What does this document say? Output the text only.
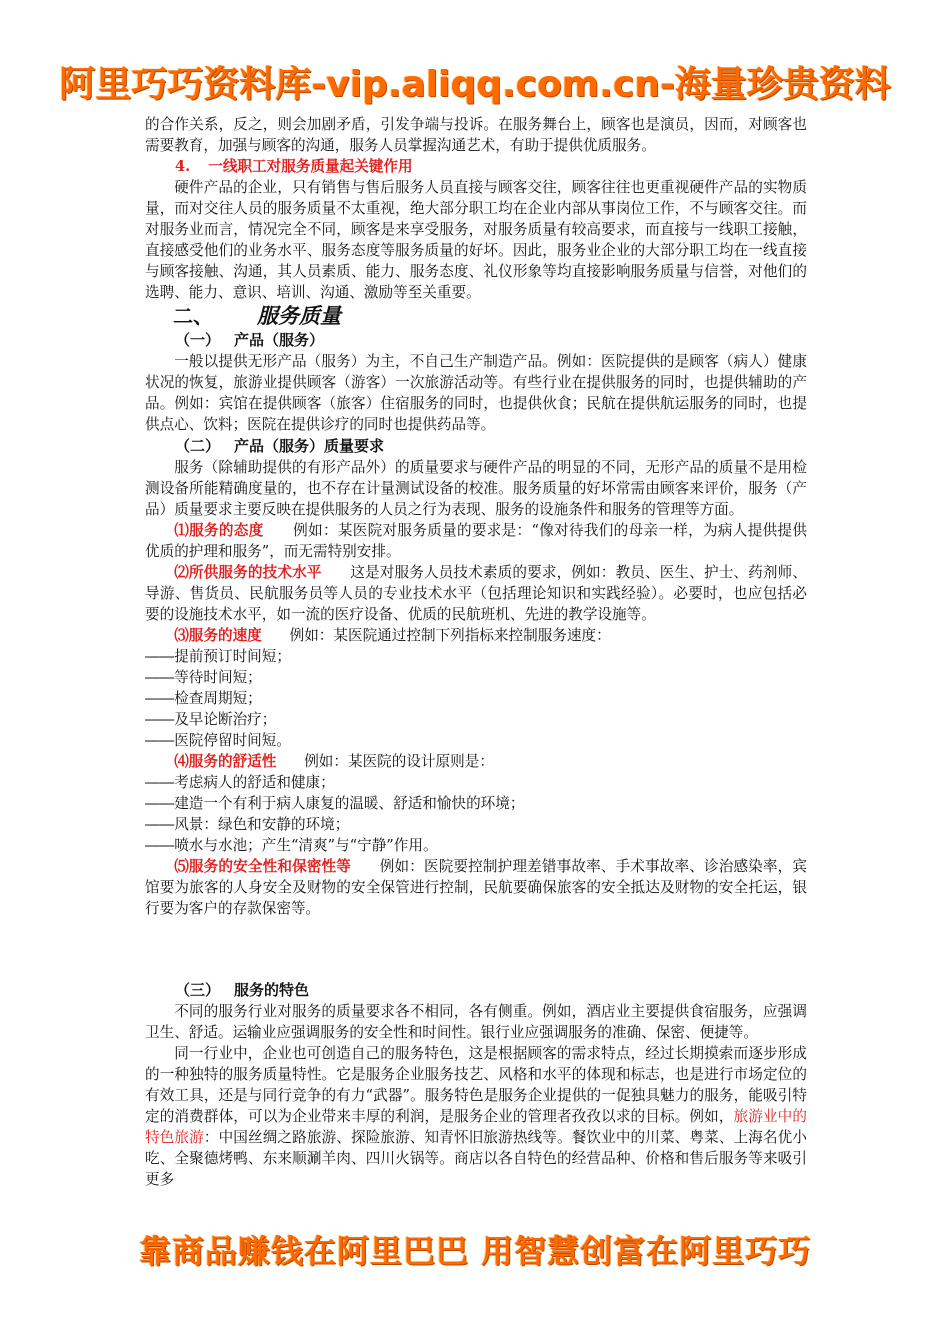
阿里巧巧资料库-vip.aliqq.com.cn-海量珍贵资料

的合作关系，反之，则会加剧矛盾，引发争端与投诉。在服务舞台上，顾客也是演员，因而，对顾客也需要教育，加强与顾客的沟通，服务人员掌握沟通艺术，有助于提供优质服务。

4. 一线职工对服务质量起关键作用

硬件产品的企业，只有销售与售后服务人员直接与顾客交往，顾客往往也更重视硬件产品的实物质量，而对交往人员的服务质量不太重视，绝大部分职工均在企业内部从事岗位工作，不与顾客交往。而对服务业而言，情况完全不同，顾客是来享受服务，对服务质量有较高要求，而直接与一线职工接触，直接感受他们的业务水平、服务态度等服务质量的好坏。因此，服务业企业的大部分职工均在一线直接与顾客接触、沟通，其人员素质、能力、服务态度、礼仪形象等均直接影响服务质量与信誉，对他们的选聘、能力、意识、培训、沟通、激励等至关重要。

二、 服务质量
（一） 产品（服务）

一般以提供无形产品（服务）为主，不自己生产制造产品。例如：医院提供的是顾客（病人）健康状况的恢复，旅游业提供顾客（游客）一次旅游活动等。有些行业在提供服务的同时，也提供辅助的产品。例如：宾馆在提供顾客（旅客）住宿服务的同时，也提供伙食；民航在提供航运服务的同时，也提供点心、饮料；医院在提供诊疗的同时也提供药品等。

（二） 产品（服务）质量要求

服务（除辅助提供的有形产品外）的质量要求与硬件产品的明显的不同，无形产品的质量不是用检测设备所能精确度量的，也不存在计量测试设备的校准。服务质量的好坏常需由顾客来评价，服务（产品）质量要求主要反映在提供服务的人员之行为表现、服务的设施条件和服务的管理等方面。

⑴服务的态度 例如：某医院对服务质量的要求是：“像对待我们的母亲一样，为病人提供提供优质的护理和服务”，而无需特别安排。

⑵所供服务的技术水平 这是对服务人员技术素质的要求，例如：教员、医生、护士、药剂师、导游、售货员、民航服务员等人员的专业技术水平（包括理论知识和实践经验）。必要时，也应包括必要的设施技术水平，如一流的医疗设备、优质的民航班机、先进的教学设施等。

⑶服务的速度 例如：某医院通过控制下列指标来控制服务速度：

――提前预订时间短；

――等待时间短；

――检查周期短；

――及早论断治疗；

――医院停留时间短。

⑷服务的舒适性 例如：某医院的设计原则是：

――考虑病人的舒适和健康；

――建造一个有利于病人康复的温暖、舒适和愉快的环境；

――风景：绿色和安静的环境；

――喷水与水池；产生“清爽”与“宁静”作用。

⑸服务的安全性和保密性等 例如：医院要控制护理差错事故率、手术事故率、诊治感染率，宾馆要为旅客的人身安全及财物的安全保管进行控制，民航要确保旅客的安全抵达及财物的安全托运，银行要为客户的存款保密等。

（三） 服务的特色

不同的服务行业对服务的质量要求各不相同，各有侧重。例如，酒店业主要提供食宿服务，应强调卫生、舒适。运输业应强调服务的安全性和时间性。银行业应强调服务的准确、保密、便捷等。

同一行业中，企业也可创造自己的服务特色，这是根据顾客的需求特点，经过长期摸索而逐步形成的一种独特的服务质量特性。它是服务企业服务技艺、风格和水平的体现和标志，也是进行市场定位的有效工具，还是与同行竞争的有力“武器”。服务特色是服务企业提供的一促独具魅力的服务，能吸引特定的消费群体，可以为企业带来丰厚的利润，是服务企业的管理者孜孜以求的目标。例如，旅游业中的特色旅游：中国丝绸之路旅游、探险旅游、知青怀旧旅游热线等。餐饮业中的川菜、粤菜、上海名优小吃、全聚德烤鸭、东来顺涮羊肉、四川火锅等。商店以各自特色的经营品种、价格和售后服务等来吸引更多

靠商品赚钱在阿里巴巴 用智慧创富在阿里巧巧
